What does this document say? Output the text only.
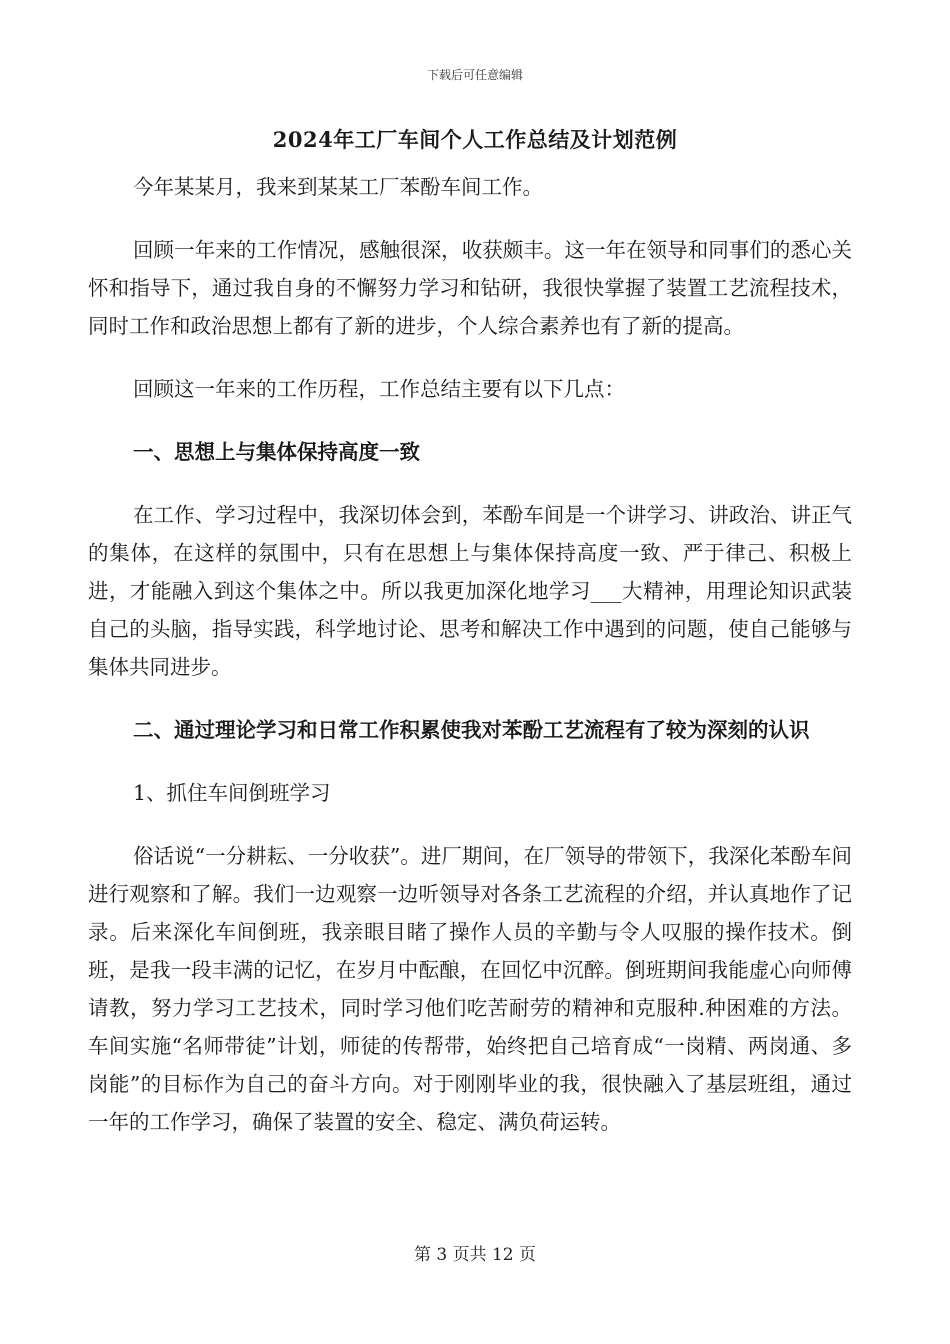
下载后可任意编辑
2024年工厂车间个人工作总结及计划范例

今年某某月，我来到某某工厂苯酚车间工作。

回顾一年来的工作情况，感触很深，收获颇丰。这一年在领导和同事们的悉心关怀和指导下，通过我自身的不懈努力学习和钻研，我很快掌握了装置工艺流程技术，同时工作和政治思想上都有了新的进步，个人综合素养也有了新的提高。

回顾这一年来的工作历程，工作总结主要有以下几点：

一、思想上与集体保持高度一致

在工作、学习过程中，我深切体会到，苯酚车间是一个讲学习、讲政治、讲正气的集体，在这样的氛围中，只有在思想上与集体保持高度一致、严于律己、积极上进，才能融入到这个集体之中。所以我更加深化地学习___大精神，用理论知识武装自己的头脑，指导实践，科学地讨论、思考和解决工作中遇到的问题，使自己能够与集体共同进步。

二、通过理论学习和日常工作积累使我对苯酚工艺流程有了较为深刻的认识

1、抓住车间倒班学习

俗话说“一分耕耘、一分收获”。进厂期间，在厂领导的带领下，我深化苯酚车间进行观察和了解。我们一边观察一边听领导对各条工艺流程的介绍，并认真地作了记录。后来深化车间倒班，我亲眼目睹了操作人员的辛勤与令人叹服的操作技术。倒班，是我一段丰满的记忆，在岁月中酝酿，在回忆中沉醉。倒班期间我能虚心向师傅请教，努力学习工艺技术，同时学习他们吃苦耐劳的精神和克服种.种困难的方法。车间实施“名师带徒”计划，师徒的传帮带，始终把自己培育成“一岗精、两岗通、多岗能”的目标作为自己的奋斗方向。对于刚刚毕业的我，很快融入了基层班组，通过一年的工作学习，确保了装置的安全、稳定、满负荷运转。

第 3 页共 12 页
